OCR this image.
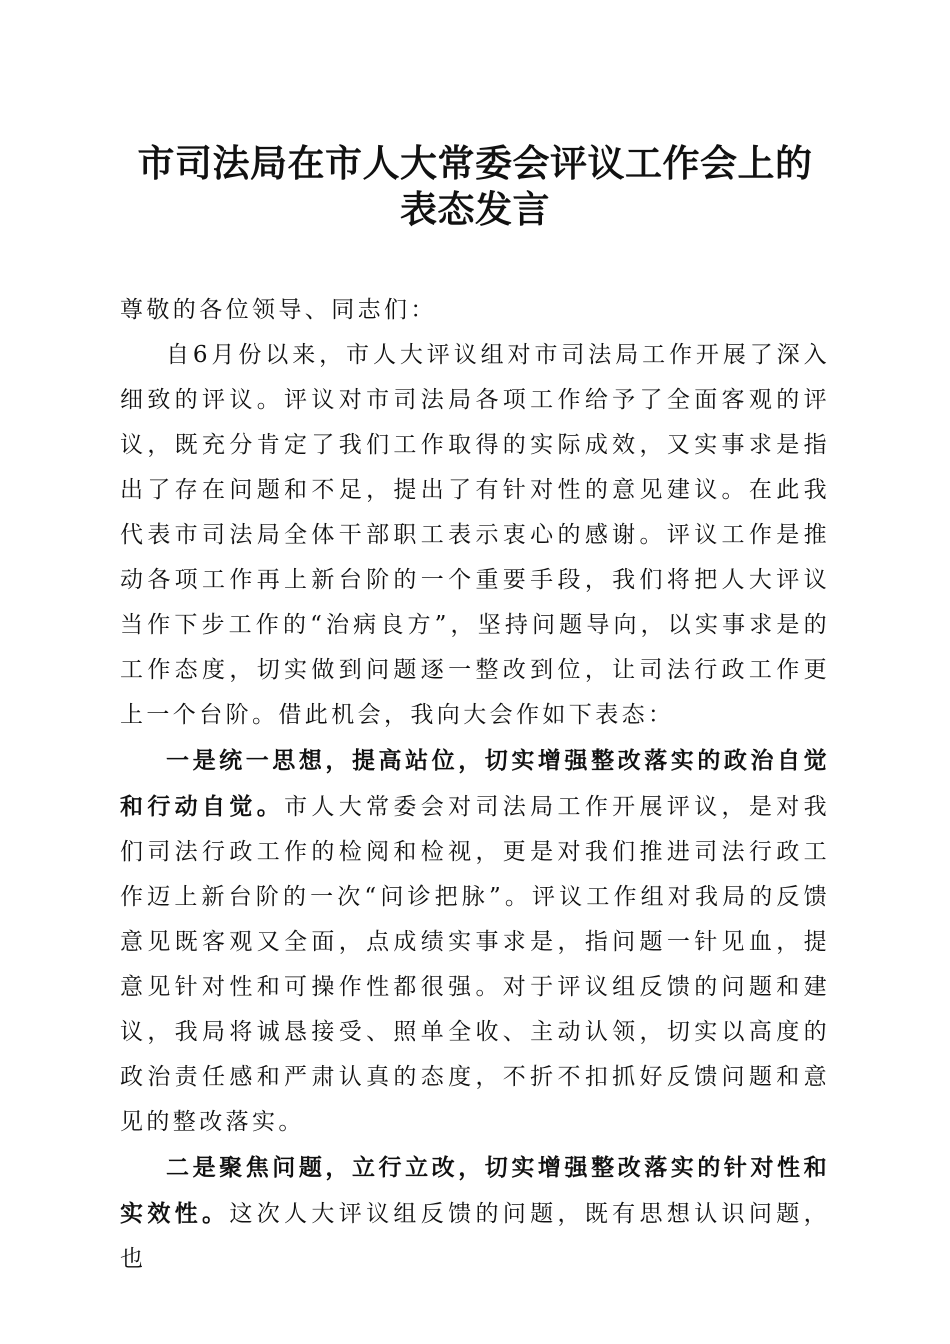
市司法局在市人大常委会评议工作会上的表态发言

尊敬的各位领导、同志们：

自6月份以来，市人大评议组对市司法局工作开展了深入细致的评议。评议对市司法局各项工作给予了全面客观的评议，既充分肯定了我们工作取得的实际成效，又实事求是指出了存在问题和不足，提出了有针对性的意见建议。在此我代表市司法局全体干部职工表示衷心的感谢。评议工作是推动各项工作再上新台阶的一个重要手段，我们将把人大评议当作下步工作的“治病良方”，坚持问题导向，以实事求是的工作态度，切实做到问题逐一整改到位，让司法行政工作更上一个台阶。借此机会，我向大会作如下表态：

一是统一思想，提高站位，切实增强整改落实的政治自觉和行动自觉。市人大常委会对司法局工作开展评议，是对我们司法行政工作的检阅和检视，更是对我们推进司法行政工作迈上新台阶的一次“问诊把脉”。评议工作组对我局的反馈意见既客观又全面，点成绩实事求是，指问题一针见血，提意见针对性和可操作性都很强。对于评议组反馈的问题和建议，我局将诚恳接受、照单全收、主动认领，切实以高度的政治责任感和严肃认真的态度，不折不扣抓好反馈问题和意见的整改落实。

二是聚焦问题，立行立改，切实增强整改落实的针对性和实效性。这次人大评议组反馈的问题，既有思想认识问题，也
